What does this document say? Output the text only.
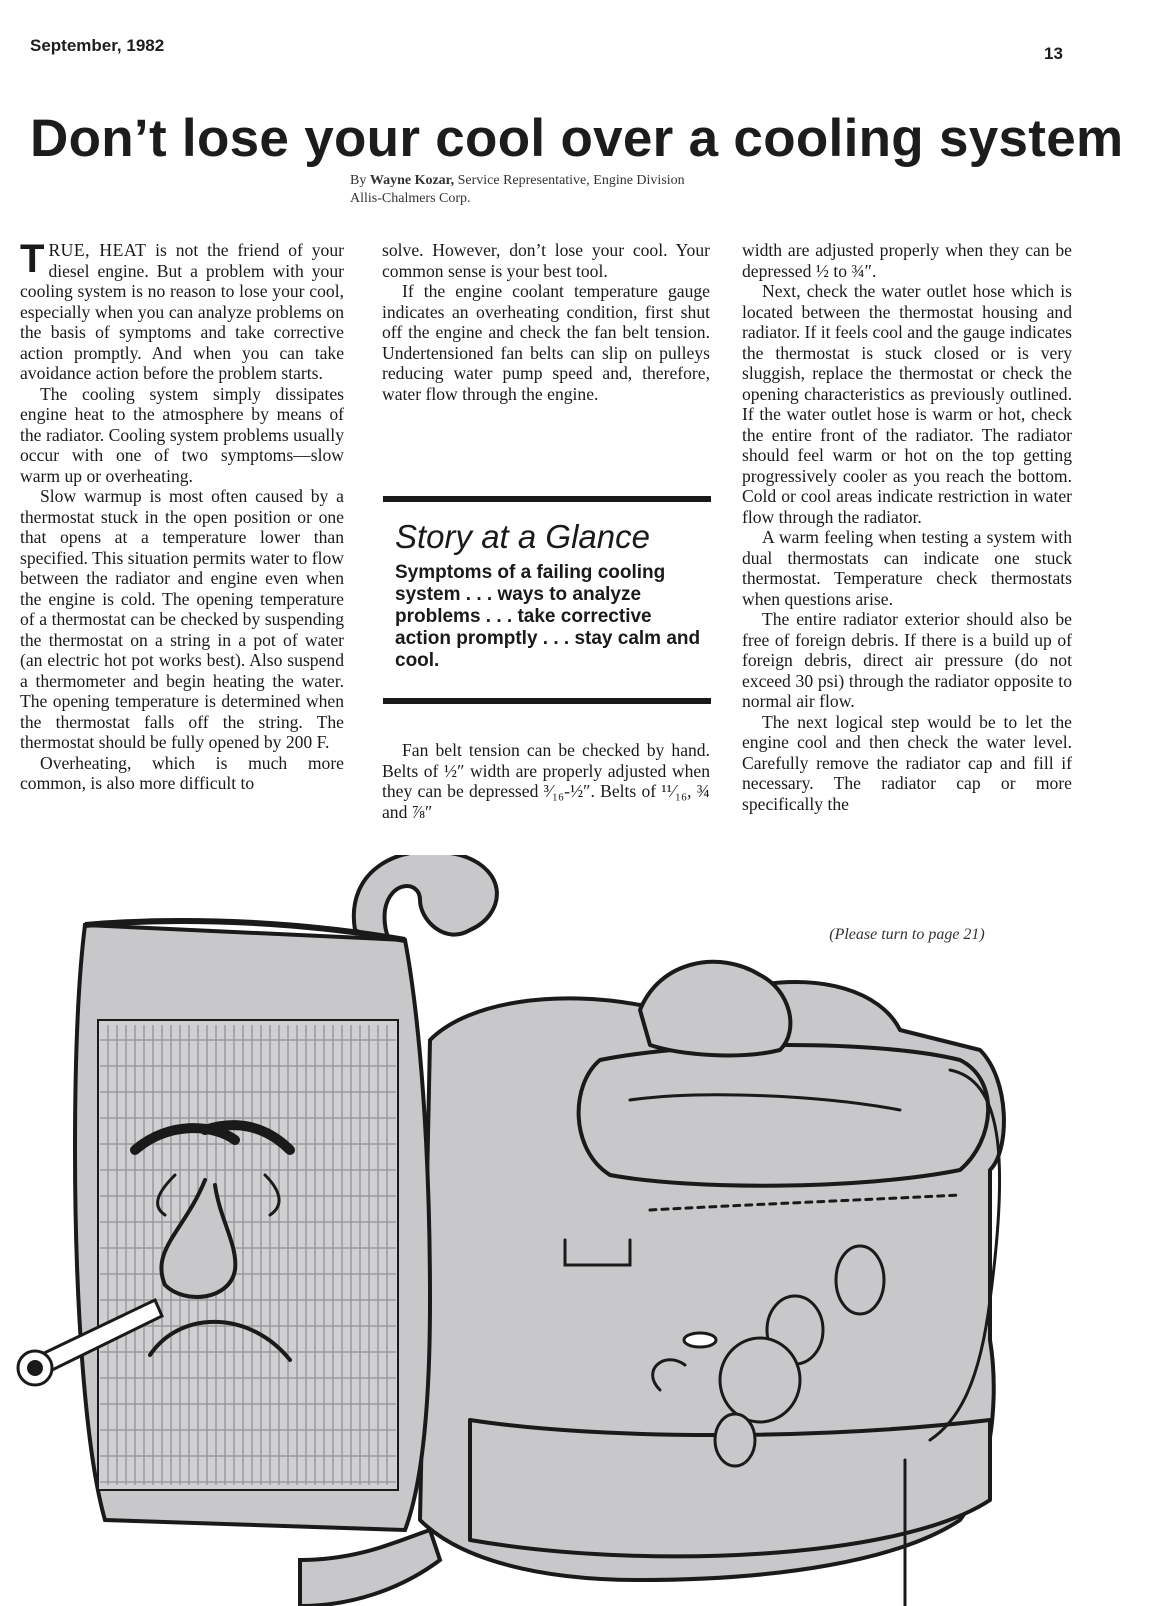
September, 1982	13
Don’t lose your cool over a cooling system
By Wayne Kozar, Service Representative, Engine Division
Allis-Chalmers Corp.

TRUE, HEAT is not the friend of your diesel engine. But a problem with your cooling system is no reason to lose your cool, especially when you can analyze problems on the basis of symptoms and take corrective action promptly. And when you can take avoidance action before the problem starts.

The cooling system simply dissipates engine heat to the atmosphere by means of the radiator. Cooling system problems usually occur with one of two symptoms—slow warm up or overheating.

Slow warmup is most often caused by a thermostat stuck in the open position or one that opens at a temperature lower than specified. This situation permits water to flow between the radiator and engine even when the engine is cold. The opening temperature of a thermostat can be checked by suspending the thermostat on a string in a pot of water (an electric hot pot works best). Also suspend a thermometer and begin heating the water. The opening temperature is determined when the thermostat falls off the string. The thermostat should be fully opened by 200 F.

Overheating, which is much more common, is also more difficult to

solve. However, don’t lose your cool. Your common sense is your best tool.

If the engine coolant temperature gauge indicates an overheating condition, first shut off the engine and check the fan belt tension. Undertensioned fan belts can slip on pulleys reducing water pump speed and, therefore, water flow through the engine.

Story at a Glance
Symptoms of a failing cooling system . . . ways to analyze problems . . . take corrective action promptly . . . stay calm and cool.

Fan belt tension can be checked by hand. Belts of ½″ width are properly adjusted when they can be depressed ³⁄₁₆-½″. Belts of ¹¹⁄₁₆, ¾ and ⅞″

width are adjusted properly when they can be depressed ½ to ¾″.

Next, check the water outlet hose which is located between the thermostat housing and radiator. If it feels cool and the gauge indicates the thermostat is stuck closed or is very sluggish, replace the thermostat or check the opening characteristics as previously outlined. If the water outlet hose is warm or hot, check the entire front of the radiator. The radiator should feel warm or hot on the top getting progressively cooler as you reach the bottom. Cold or cool areas indicate restriction in water flow through the radiator.

A warm feeling when testing a system with dual thermostats can indicate one stuck thermostat. Temperature check thermostats when questions arise.

The entire radiator exterior should also be free of foreign debris. If there is a build up of foreign debris, direct air pressure (do not exceed 30 psi) through the radiator opposite to normal air flow.

The next logical step would be to let the engine cool and then check the water level. Carefully remove the radiator cap and fill if necessary. The radiator cap or more specifically the

(Please turn to page 21)
